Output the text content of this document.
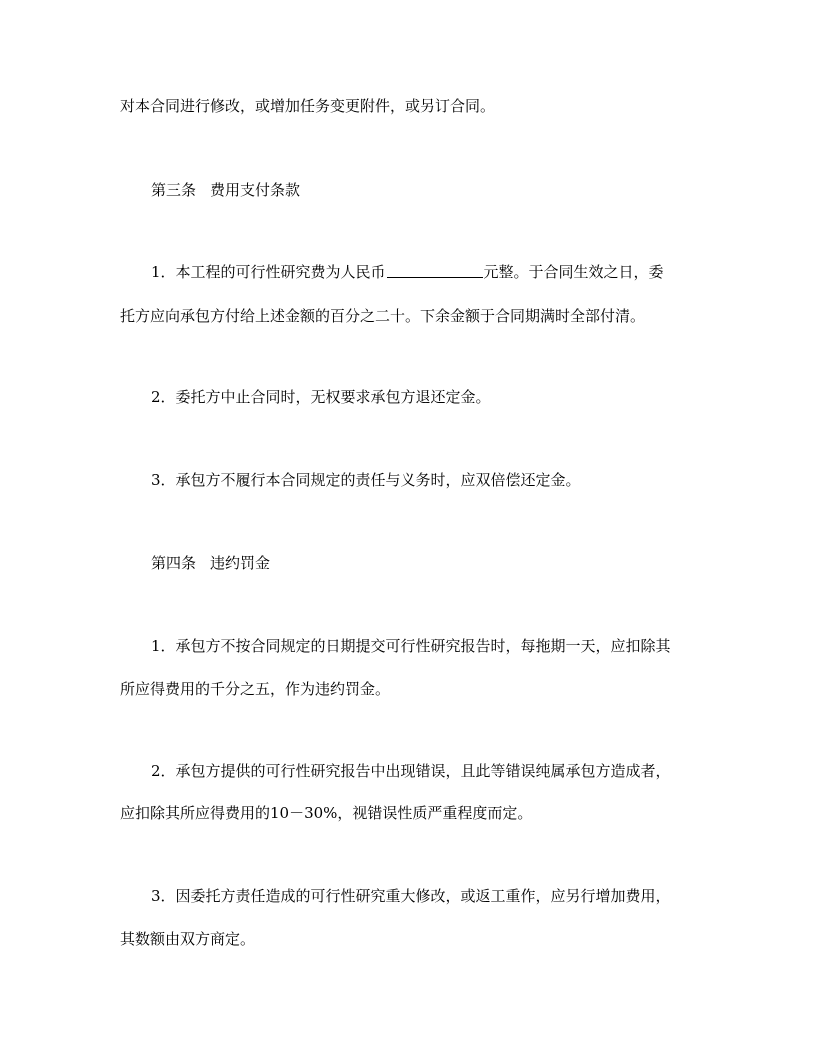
对本合同进行修改，或增加任务变更附件，或另订合同。
第三条 费用支付条款
1．本工程的可行性研究费为人民币	元整。于合同生效之日，委
托方应向承包方付给上述金额的百分之二十。下余金额于合同期满时全部付清。
2．委托方中止合同时，无权要求承包方退还定金。
3．承包方不履行本合同规定的责任与义务时，应双倍偿还定金。
第四条 违约罚金
1．承包方不按合同规定的日期提交可行性研究报告时，每拖期一天，应扣除其
所应得费用的千分之五，作为违约罚金。
2．承包方提供的可行性研究报告中出现错误，且此等错误纯属承包方造成者，
应扣除其所应得费用的10－30%，视错误性质严重程度而定。
3．因委托方责任造成的可行性研究重大修改，或返工重作，应另行增加费用，
其数额由双方商定。
